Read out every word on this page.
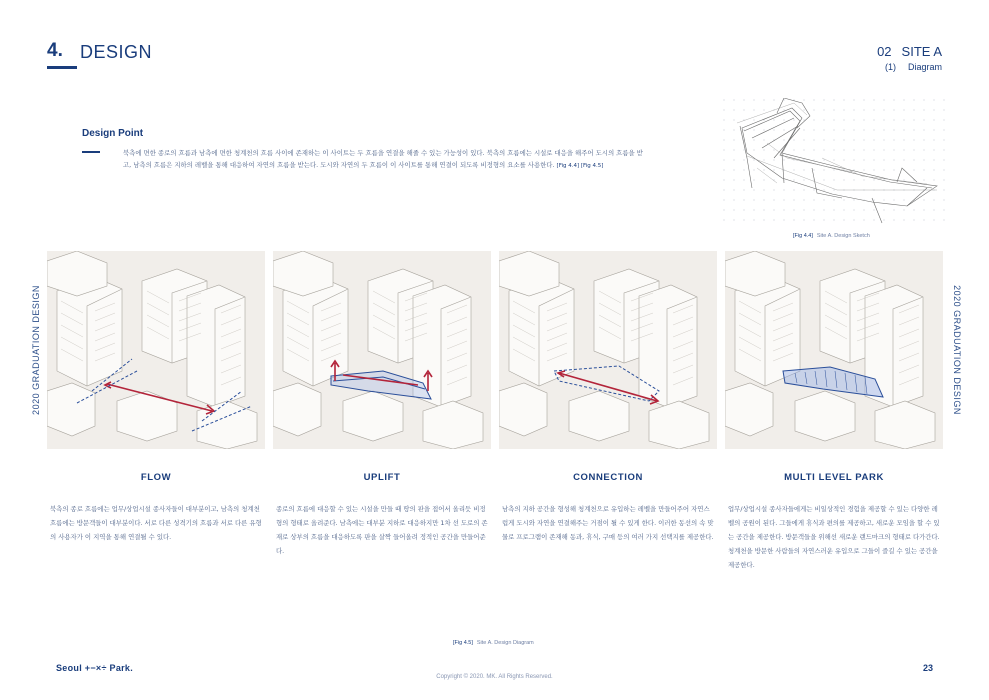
4. DESIGN	02 SITE A
(1) Diagram
Design Point
북측에 면한 종로의 흐름과 남측에 면한 청계천의 흐름 사이에 존재하는 이 사이트는 두 흐름을 연결을 해줄 수 있는 가능성이 있다. 북측의 흐름에는 시설로 대응을 해주어 도시의 흐름을 받고, 남측의 흐름은 지하의 레벨을 통해 대응하여 자연의 흐름을 받는다. 도시와 자연의 두 흐름이 이 사이트를 통해 연결이 되도록 비정형의 요소를 사용한다. [Fig 4.4] [Fig 4.5]
[Fig 4.4] Site A. Design Sketch
2020 GRADUATION DESIGN	2020 GRADUATION DESIGN
FLOW	UPLIFT	CONNECTION	MULTI LEVEL PARK
북측의 종로 흐름에는 업무/상업시설 종사자들이 대부분이고, 남측의 청계천 흐름에는 방문객들이 대부분이다. 서로 다른 성격기의 흐름과 서로 다른 유형의 사용자가 이 지역을 통해 연결될 수 있다.
종로의 흐름에 대응할 수 있는 시설을 만들 때 땅의 판을 접어서 올리듯 비정형의 형태로 올려준다. 남측에는 대부분 지하로 대응하지만 1차 선 도로의 존재로 상부의 흐름을 대응하도록 판을 살짝 들어올려 정적인 공간을 만들어준다.
남측의 지하 공간을 형성해 청계천으로 유입하는 레벨을 만들어주어 자연스럽게 도시와 자연을 연결해주는 거점이 될 수 있게 한다. 이러한 동선의 속 맞물로 프로그램이 존재해 동과, 휴식, 구매 등의 여러 가지 선택지를 제공한다.
업무/상업시설 종사자들에게는 비일상적인 경험을 제공할 수 있는 다양한 레벨의 공원이 된다. 그들에게 휴식과 편의를 제공하고, 새로운 모임을 할 수 있는 공간을 제공한다. 방문객들을 위해선 새로운 랜드마크의 형태로 다가간다. 청계천을 방문한 사람들의 자연스러운 유입으로 그들이 즐길 수 있는 공간을 제공한다.
[Fig 4.5] Site A. Design Diagram
Seoul +−×÷ Park.	23
Copyright © 2020. MK. All Rights Reserved.
